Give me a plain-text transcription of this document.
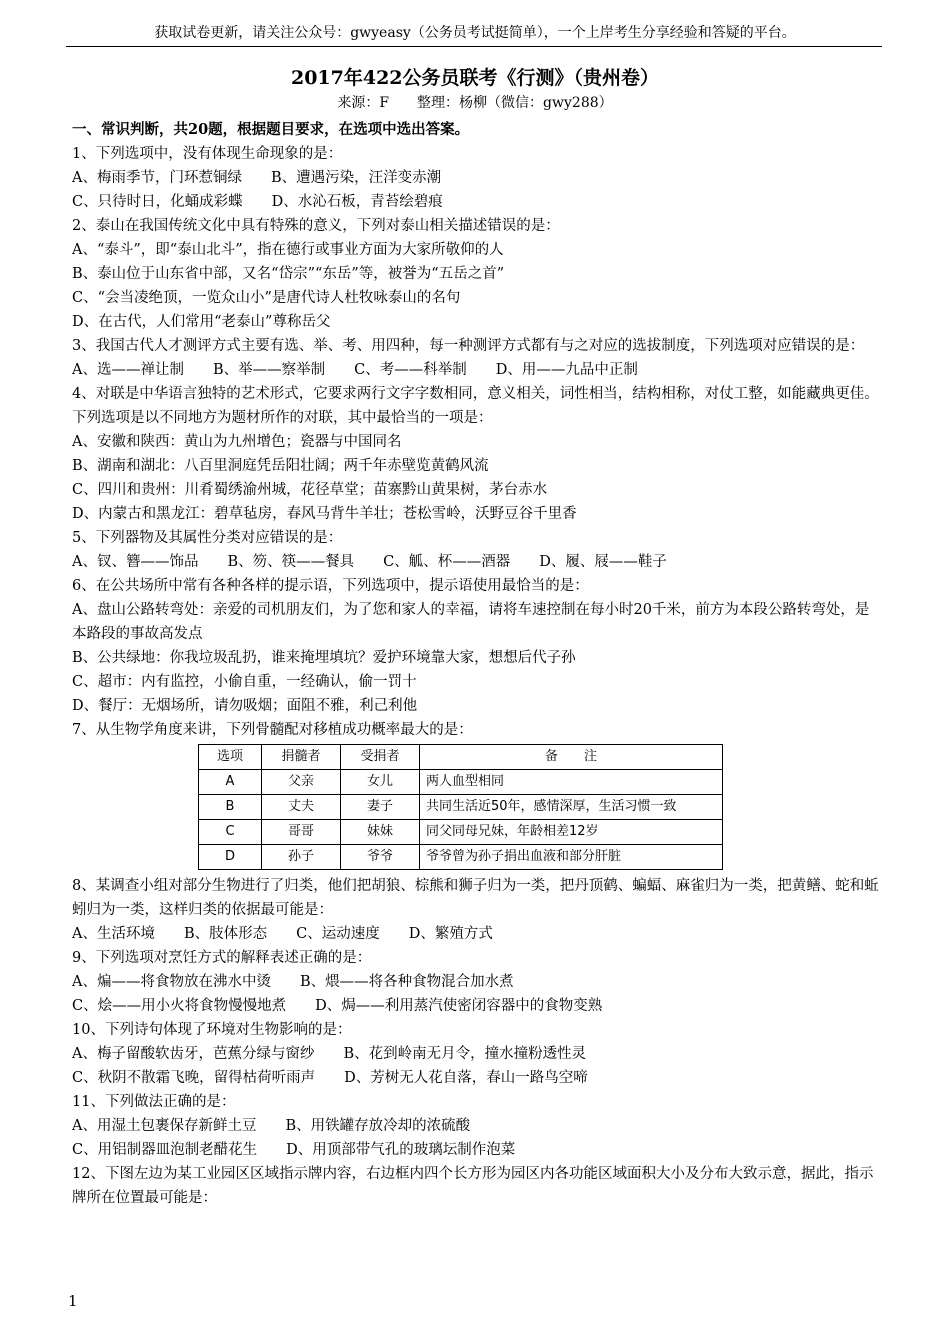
获取试卷更新，请关注公众号：gwyeasy（公务员考试挺简单），一个上岸考生分享经验和答疑的平台。
2017年422公务员联考《行测》（贵州卷）
来源：F　　整理：杨柳（微信：gwy288）

一、常识判断，共20题，根据题目要求，在选项中选出答案。

1、下列选项中，没有体现生命现象的是：

A、梅雨季节，门环惹铜绿　　B、遭遇污染，汪洋变赤潮

C、只待时日，化蛹成彩蝶　　D、水沁石板，青苔绘碧痕

2、泰山在我国传统文化中具有特殊的意义，下列对泰山相关描述错误的是：

A、“泰斗”，即“泰山北斗”，指在德行或事业方面为大家所敬仰的人

B、泰山位于山东省中部，又名“岱宗”“东岳”等，被誉为“五岳之首”

C、“会当凌绝顶，一览众山小”是唐代诗人杜牧咏泰山的名句

D、在古代，人们常用“老泰山”尊称岳父

3、我国古代人才测评方式主要有选、举、考、用四种，每一种测评方式都有与之对应的选拔制度，下列选项对应错误的是：

A、选——禅让制　　B、举——察举制　　C、考——科举制　　D、用——九品中正制

4、对联是中华语言独特的艺术形式，它要求两行文字字数相同，意义相关，词性相当，结构相称，对仗工整，如能藏典更佳。下列选项是以不同地方为题材所作的对联，其中最恰当的一项是：

A、安徽和陕西：黄山为九州增色；瓷器与中国同名

B、湖南和湖北：八百里洞庭凭岳阳壮阔；两千年赤壁览黄鹤风流

C、四川和贵州：川肴蜀绣渝州城，花径草堂；苗寨黔山黄果树，茅台赤水

D、内蒙古和黑龙江：碧草毡房，春风马背牛羊壮；苍松雪岭，沃野豆谷千里香

5、下列器物及其属性分类对应错误的是：

A、钗、簪——饰品　　B、笏、筷——餐具　　C、觚、杯——酒器　　D、履、屐——鞋子

6、在公共场所中常有各种各样的提示语，下列选项中，提示语使用最恰当的是：

A、盘山公路转弯处：亲爱的司机朋友们，为了您和家人的幸福，请将车速控制在每小时20千米，前方为本段公路转弯处，是本路段的事故高发点

B、公共绿地：你我垃圾乱扔，谁来掩埋填坑？爱护环境靠大家，想想后代子孙

C、超市：内有监控，小偷自重，一经确认，偷一罚十

D、餐厅：无烟场所，请勿吸烟；面阻不雅，利己利他

7、从生物学角度来讲，下列骨髓配对移植成功概率最大的是：

选项	捐髓者	受捐者	备　　注
A	父亲	女儿	两人血型相同
B	丈夫	妻子	共同生活近50年，感情深厚，生活习惯一致
C	哥哥	妹妹	同父同母兄妹，年龄相差12岁
D	孙子	爷爷	爷爷曾为孙子捐出血液和部分肝脏

8、某调查小组对部分生物进行了归类，他们把胡狼、棕熊和狮子归为一类，把丹顶鹤、蝙蝠、麻雀归为一类，把黄鳝、蛇和蚯蚓归为一类，这样归类的依据最可能是：

A、生活环境　　B、肢体形态　　C、运动速度　　D、繁殖方式

9、下列选项对烹饪方式的解释表述正确的是：

A、煸——将食物放在沸水中烫　　B、煨——将各种食物混合加水煮

C、烩——用小火将食物慢慢地煮　　D、焗——利用蒸汽使密闭容器中的食物变熟

10、下列诗句体现了环境对生物影响的是：

A、梅子留酸软齿牙，芭蕉分绿与窗纱　　B、花到岭南无月令，撞水撞粉透性灵

C、秋阴不散霜飞晚，留得枯荷听雨声　　D、芳树无人花自落，春山一路鸟空啼

11、下列做法正确的是：

A、用湿土包裹保存新鲜土豆　　B、用铁罐存放冷却的浓硫酸

C、用铝制器皿泡制老醋花生　　D、用顶部带气孔的玻璃坛制作泡菜

12、下图左边为某工业园区区域指示牌内容，右边框内四个长方形为园区内各功能区域面积大小及分布大致示意，据此，指示牌所在位置最可能是：

1
